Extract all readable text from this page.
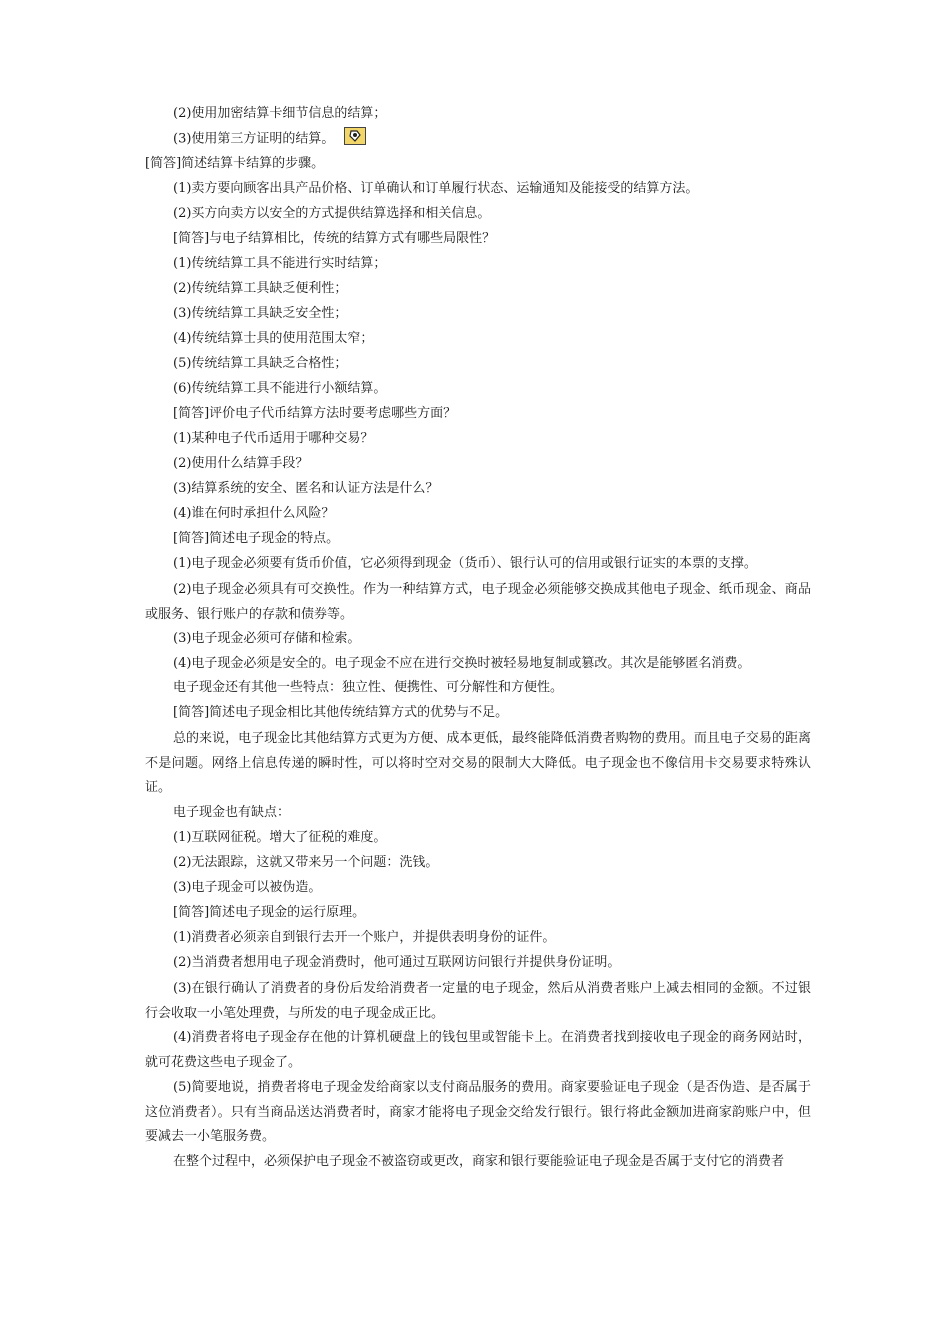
(2)使用加密结算卡细节信息的结算；
(3)使用第三方证明的结算。
[简答]简述结算卡结算的步骤。
(1)卖方要向顾客出具产品价格、订单确认和订单履行状态、运输通知及能接受的结算方法。
(2)买方向卖方以安全的方式提供结算选择和相关信息。
[简答]与电子结算相比，传统的结算方式有哪些局限性？
(1)传统结算工具不能进行实时结算；
(2)传统结算工具缺乏便利性；
(3)传统结算工具缺乏安全性；
(4)传统结算士具的使用范围太窄；
(5)传统结算工具缺乏合格性；
(6)传统结算工具不能进行小额结算。
[简答]评价电子代币结算方法时要考虑哪些方面？
(1)某种电子代币适用于哪种交易？
(2)使用什么结算手段？
(3)结算系统的安全、匿名和认证方法是什么？
(4)谁在何时承担什么风险？
[简答]简述电子现金的特点。
(1)电子现金必须要有货币价值，它必须得到现金（货币）、银行认可的信用或银行证实的本票的支撑。
(2)电子现金必须具有可交换性。作为一种结算方式，电子现金必须能够交换成其他电子现金、纸币现金、商品或服务、银行账户的存款和债券等。
(3)电子现金必须可存储和检索。
(4)电子现金必须是安全的。电子现金不应在进行交换时被轻易地复制或篡改。其次是能够匿名消费。
电子现金还有其他一些特点：独立性、便携性、可分解性和方便性。
[简答]简述电子现金相比其他传统结算方式的优势与不足。
总的来说，电子现金比其他结算方式更为方便、成本更低，最终能降低消费者购物的费用。而且电子交易的距离不是问题。网络上信息传递的瞬时性，可以将时空对交易的限制大大降低。电子现金也不像信用卡交易要求特殊认证。
电子现金也有缺点：
(1)互联网征税。增大了征税的难度。
(2)无法跟踪，这就又带来另一个问题：洗钱。
(3)电子现金可以被伪造。
[简答]简述电子现金的运行原理。
(1)消费者必须亲自到银行去开一个账户，并提供表明身份的证件。
(2)当消费者想用电子现金消费时，他可通过互联网访问银行并提供身份证明。
(3)在银行确认了消费者的身份后发给消费者一定量的电子现金，然后从消费者账户上减去相同的金额。不过银行会收取一小笔处理费，与所发的电子现金成正比。
(4)消费者将电子现金存在他的计算机硬盘上的钱包里或智能卡上。在消费者找到接收电子现金的商务网站时，就可花费这些电子现金了。
(5)简要地说，捎费者将电子现金发给商家以支付商品服务的费用。商家要验证电子现金（是否伪造、是否属于这位消费者）。只有当商品送达消费者时，商家才能将电子现金交给发行银行。银行将此金额加进商家韵账户中，但要减去一小笔服务费。
在整个过程中，必须保护电子现金不被盗窃或更改，商家和银行要能验证电子现金是否属于支付它的消费者
